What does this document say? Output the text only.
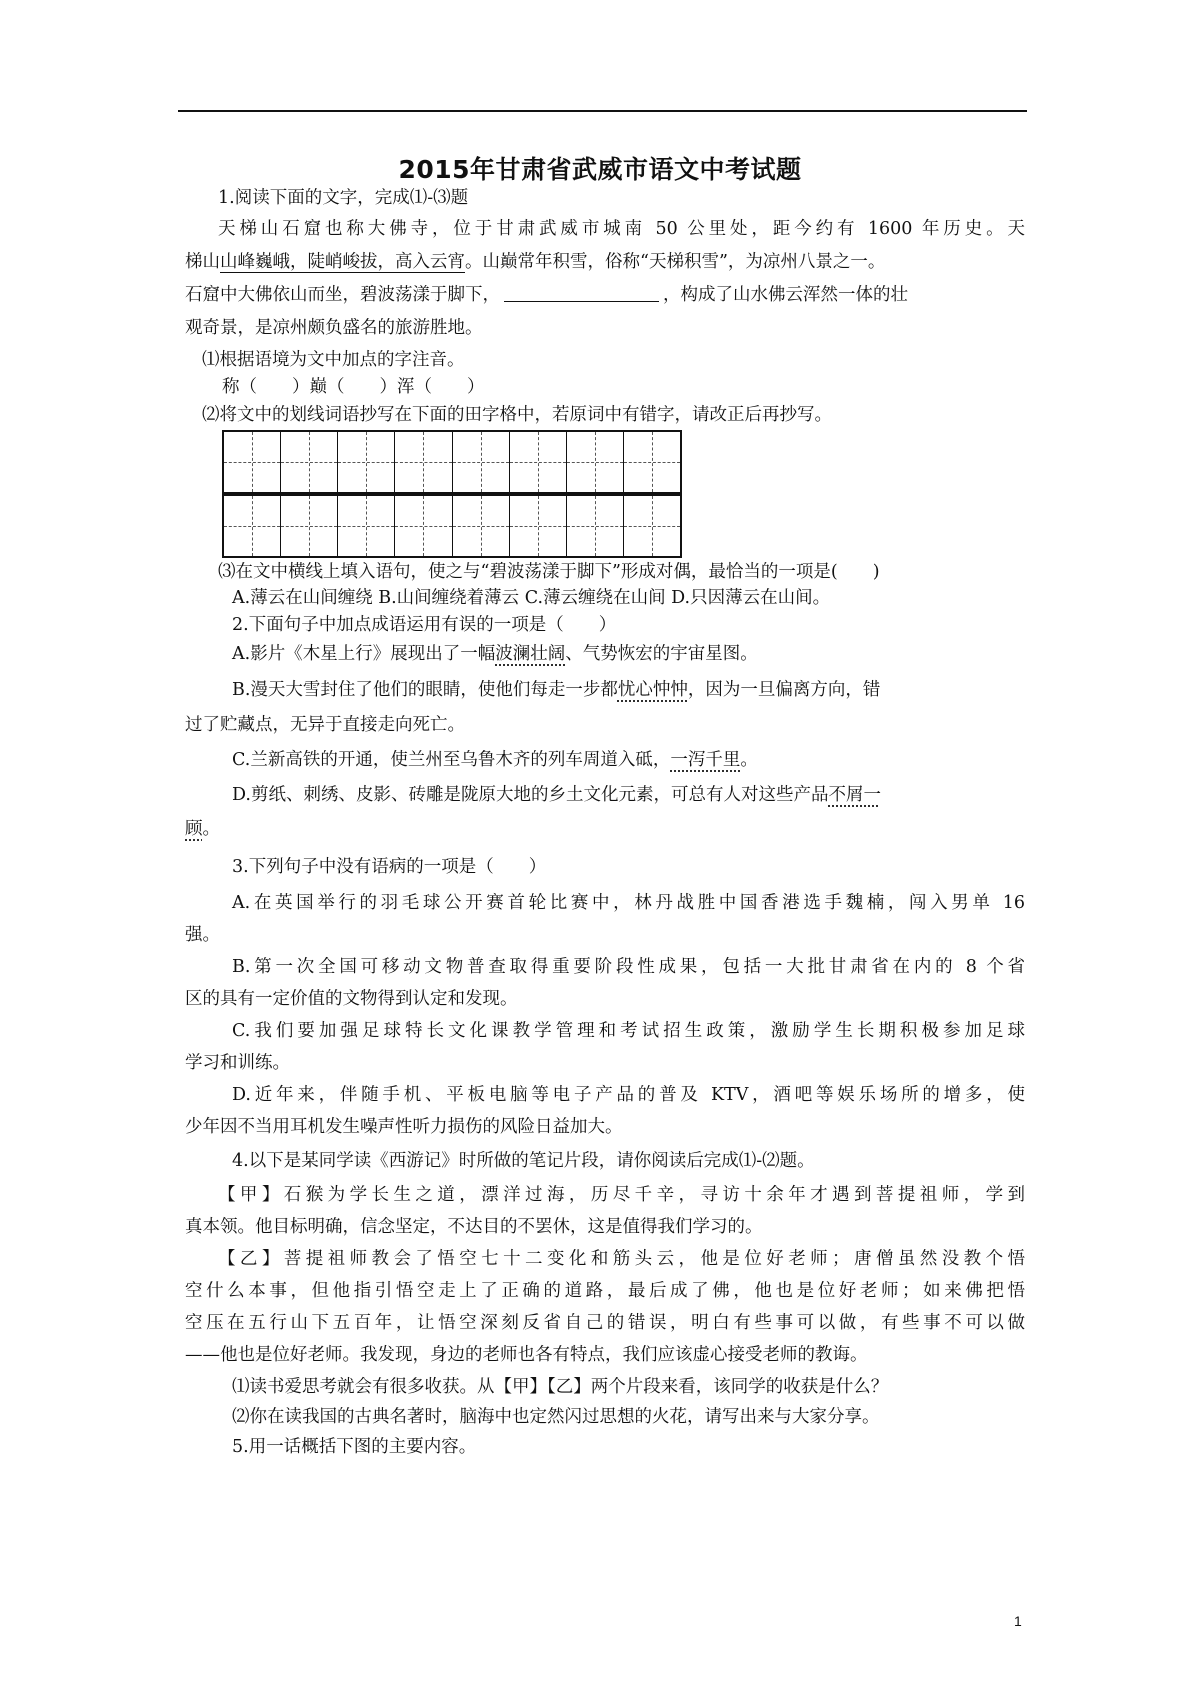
2015年甘肃省武威市语文中考试题
1.阅读下面的文字，完成⑴-⑶题
天梯山石窟也称大佛寺，位于甘肃武威市城南 50 公里处，距今约有 1600 年历史。天
梯山山峰巍峨，陡峭峻拔，高入云宵。山巅常年积雪，俗称“天梯积雪”，为凉州八景之一。
石窟中大佛依山而坐，碧波荡漾于脚下，	，构成了山水佛云浑然一体的壮
观奇景，是凉州颇负盛名的旅游胜地。
⑴根据语境为文中加点的字注音。
称（　　）巅（　　）浑（　　）
⑵将文中的划线词语抄写在下面的田字格中，若原词中有错字，请改正后再抄写。
⑶在文中横线上填入语句，使之与“碧波荡漾于脚下”形成对偶，最恰当的一项是(　　)
A.薄云在山间缠绕 B.山间缠绕着薄云 C.薄云缠绕在山间 D.只因薄云在山间。
2.下面句子中加点成语运用有误的一项是（　　）
A.影片《木星上行》展现出了一幅波澜壮阔、气势恢宏的宇宙星图。
B.漫天大雪封住了他们的眼睛，使他们每走一步都忧心忡忡，因为一旦偏离方向，错
过了贮藏点，无异于直接走向死亡。
C.兰新高铁的开通，使兰州至乌鲁木齐的列车周道入砥，一泻千里。
D.剪纸、刺绣、皮影、砖雕是陇原大地的乡土文化元素，可总有人对这些产品不屑一
顾。
3.下列句子中没有语病的一项是（　　）
A.在英国举行的羽毛球公开赛首轮比赛中，林丹战胜中国香港选手魏楠，闯入男单 16
强。
B.第一次全国可移动文物普查取得重要阶段性成果，包括一大批甘肃省在内的 8 个省
区的具有一定价值的文物得到认定和发现。
C.我们要加强足球特长文化课教学管理和考试招生政策，激励学生长期积极参加足球
学习和训练。
D.近年来，伴随手机、平板电脑等电子产品的普及 KTV，酒吧等娱乐场所的增多，使
少年因不当用耳机发生噪声性听力损伤的风险日益加大。
4.以下是某同学读《西游记》时所做的笔记片段，请你阅读后完成⑴-⑵题。
【甲】石猴为学长生之道，漂洋过海，历尽千辛，寻访十余年才遇到菩提祖师，学到
真本领。他目标明确，信念坚定，不达目的不罢休，这是值得我们学习的。
【乙】菩提祖师教会了悟空七十二变化和筋头云，他是位好老师；唐僧虽然没教个悟
空什么本事，但他指引悟空走上了正确的道路，最后成了佛，他也是位好老师；如来佛把悟
空压在五行山下五百年，让悟空深刻反省自己的错误，明白有些事可以做，有些事不可以做
——他也是位好老师。我发现，身边的老师也各有特点，我们应该虚心接受老师的教诲。
⑴读书爱思考就会有很多收获。从【甲】【乙】两个片段来看，该同学的收获是什么？
⑵你在读我国的古典名著时，脑海中也定然闪过思想的火花，请写出来与大家分享。
5.用一话概括下图的主要内容。
1
